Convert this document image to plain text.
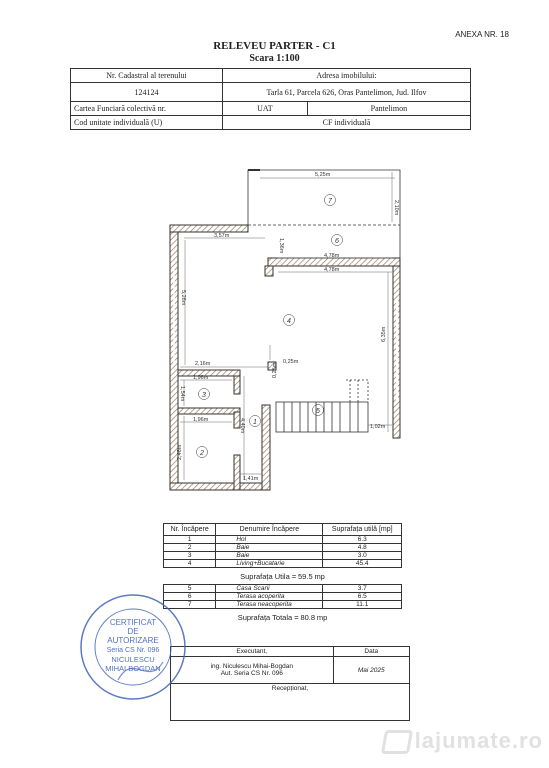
ANEXA NR. 18
RELEVEU PARTER - C1
Scara 1:100
Nr. Cadastral al terenului	Adresa imobilului:	
124124	Tarla 61, Parcela 626, Oras Pantelimon, Jud. Ilfov	
Cartea Funciară colectivă nr.	UAT	Pantelimon
Cod unitate individuală (U)	CF individuală	
5,25m
2,10m
3,57m
1,36m
4,78m
4,78m
5,28m
6,35m
2,16m	0,25m
1,96m
1,54m
0,25m
1,96m	4,40m	1,02m
2,46m
1,41m
7
6
4
3
2
1
5
Nr. Încăpere	Denumire Încăpere	Suprafața utilă [mp]
1	Hol	6.3
2	Baie	4.8
3	Baie	3.0
4	Living+Bucatarie	45.4
Suprafața Utila = 59.5 mp		
5	Casa Scarii	3.7
6	Terasa acoperita	6.5
7	Terasa neacoperita	11.1
Suprafața Totala = 80.8 mp		
Executant,	Data

ing. Niculescu Mihai-Bogdan
Aut. Seria CS Nr. 096	Mai 2025
Recepționat,	
CERTIFICAT
DE
AUTORIZARE
Seria CS Nr. 096
NICULESCU
MIHAI BOGDAN
lajumate.ro
